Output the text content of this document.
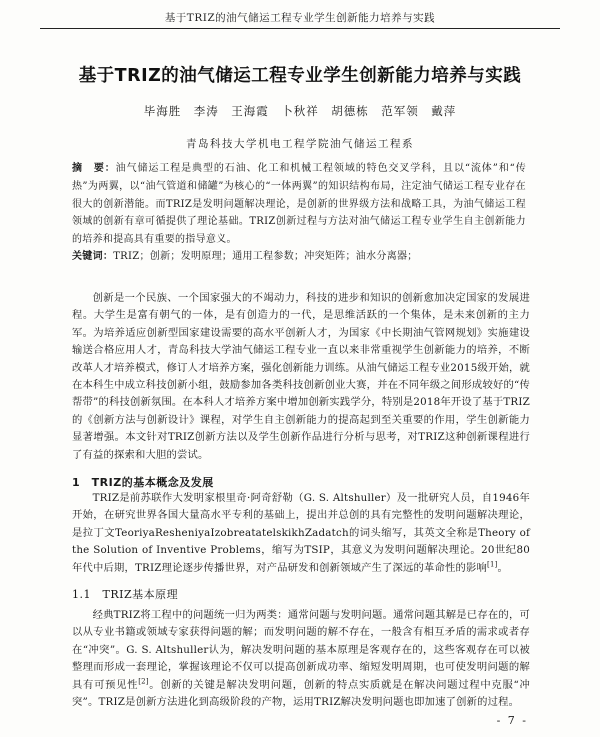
基于TRIZ的油气储运工程专业学生创新能力培养与实践
基于TRIZ的油气储运工程专业学生创新能力培养与实践
毕海胜　李涛　王海霞　卜秋祥　胡德栋　范军领　戴萍
青岛科技大学机电工程学院油气储运工程系
摘　要：油气储运工程是典型的石油、化工和机械工程领域的特色交叉学科，且以“流体”和“传热”为两翼，以“油气管道和储罐”为核心的“一体两翼”的知识结构布局，注定油气储运工程专业存在很大的创新潜能。而TRIZ是发明问题解决理论，是创新的世界级方法和战略工具，为油气储运工程领域的创新有章可循提供了理论基础。TRIZ创新过程与方法对油气储运工程专业学生自主创新能力的培养和提高具有重要的指导意义。
关键词：TRIZ；创新；发明原理；通用工程参数；冲突矩阵；油水分离器；

创新是一个民族、一个国家强大的不竭动力，科技的进步和知识的创新愈加决定国家的发展进程。大学生是富有朝气的一体，是有创造力的一代，是思维活跃的一个集体，是未来创新的主力军。为培养适应创新型国家建设需要的高水平创新人才，为国家《中长期油气管网规划》实施建设输送合格应用人才，青岛科技大学油气储运工程专业一直以来非常重视学生创新能力的培养，不断改革人才培养模式，修订人才培养方案，强化创新能力训练。从油气储运工程专业2015级开始，就在本科生中成立科技创新小组，鼓励参加各类科技创新创业大赛，并在不同年级之间形成较好的“传帮带”的科技创新氛围。在本科人才培养方案中增加创新实践学分，特别是2018年开设了基于TRIZ的《创新方法与创新设计》课程，对学生自主创新能力的提高起到至关重要的作用，学生创新能力显著增强。本文针对TRIZ创新方法以及学生创新作品进行分析与思考，对TRIZ这种创新课程进行了有益的探索和大胆的尝试。

1　TRIZ的基本概念及发展

TRIZ是前苏联作大发明家根里奇·阿奇舒勒（G. S. Altshuller）及一批研究人员，自1946年开始，在研究世界各国大量高水平专利的基础上，提出并总创的具有完整性的发明问题解决理论，是拉丁文TeoriyaResheniyaIzobreatatelskikhZadatch的词头缩写，其英文全称是Theory of the Solution of Inventive Problems，缩写为TSIP，其意义为发明问题解决理论。20世纪80年代中后期，TRIZ理论逐步传播世界，对产品研发和创新领域产生了深远的革命性的影响[1]。

1.1　TRIZ基本原理

经典TRIZ将工程中的问题统一归为两类：通常问题与发明问题。通常问题其解是已存在的，可以从专业书籍或领域专家获得问题的解；而发明问题的解不存在，一般含有相互矛盾的需求或者存在“冲突”。G. S. Altshuller认为，解决发明问题的基本原理是客观存在的，这些客观存在可以被整理而形成一套理论，掌握该理论不仅可以提高创新成功率、缩短发明周期，也可使发明问题的解具有可预见性[2]。创新的关键是解决发明问题，创新的特点实质就是在解决问题过程中克服“冲突”。TRIZ是创新方法进化到高级阶段的产物，运用TRIZ解决发明问题也即加速了创新的过程。

- 7 -
